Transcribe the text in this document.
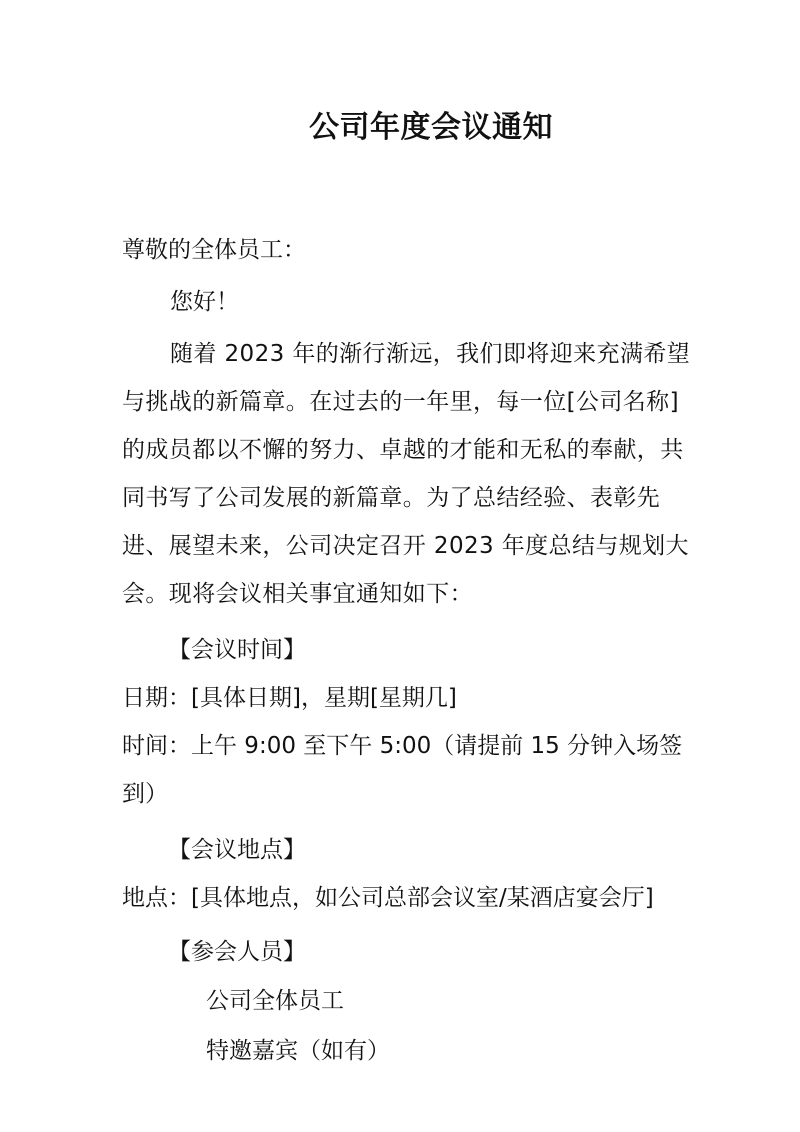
公司年度会议通知

尊敬的全体员工：

您好！

随着 2023 年的渐行渐远，我们即将迎来充满希望与挑战的新篇章。在过去的一年里，每一位[公司名称]的成员都以不懈的努力、卓越的才能和无私的奉献，共同书写了公司发展的新篇章。为了总结经验、表彰先进、展望未来，公司决定召开 2023 年度总结与规划大会。现将会议相关事宜通知如下：

【会议时间】

日期：[具体日期]，星期[星期几]

时间：上午 9:00 至下午 5:00（请提前 15 分钟入场签到）

【会议地点】

地点：[具体地点，如公司总部会议室/某酒店宴会厅]

【参会人员】

公司全体员工

特邀嘉宾（如有）
